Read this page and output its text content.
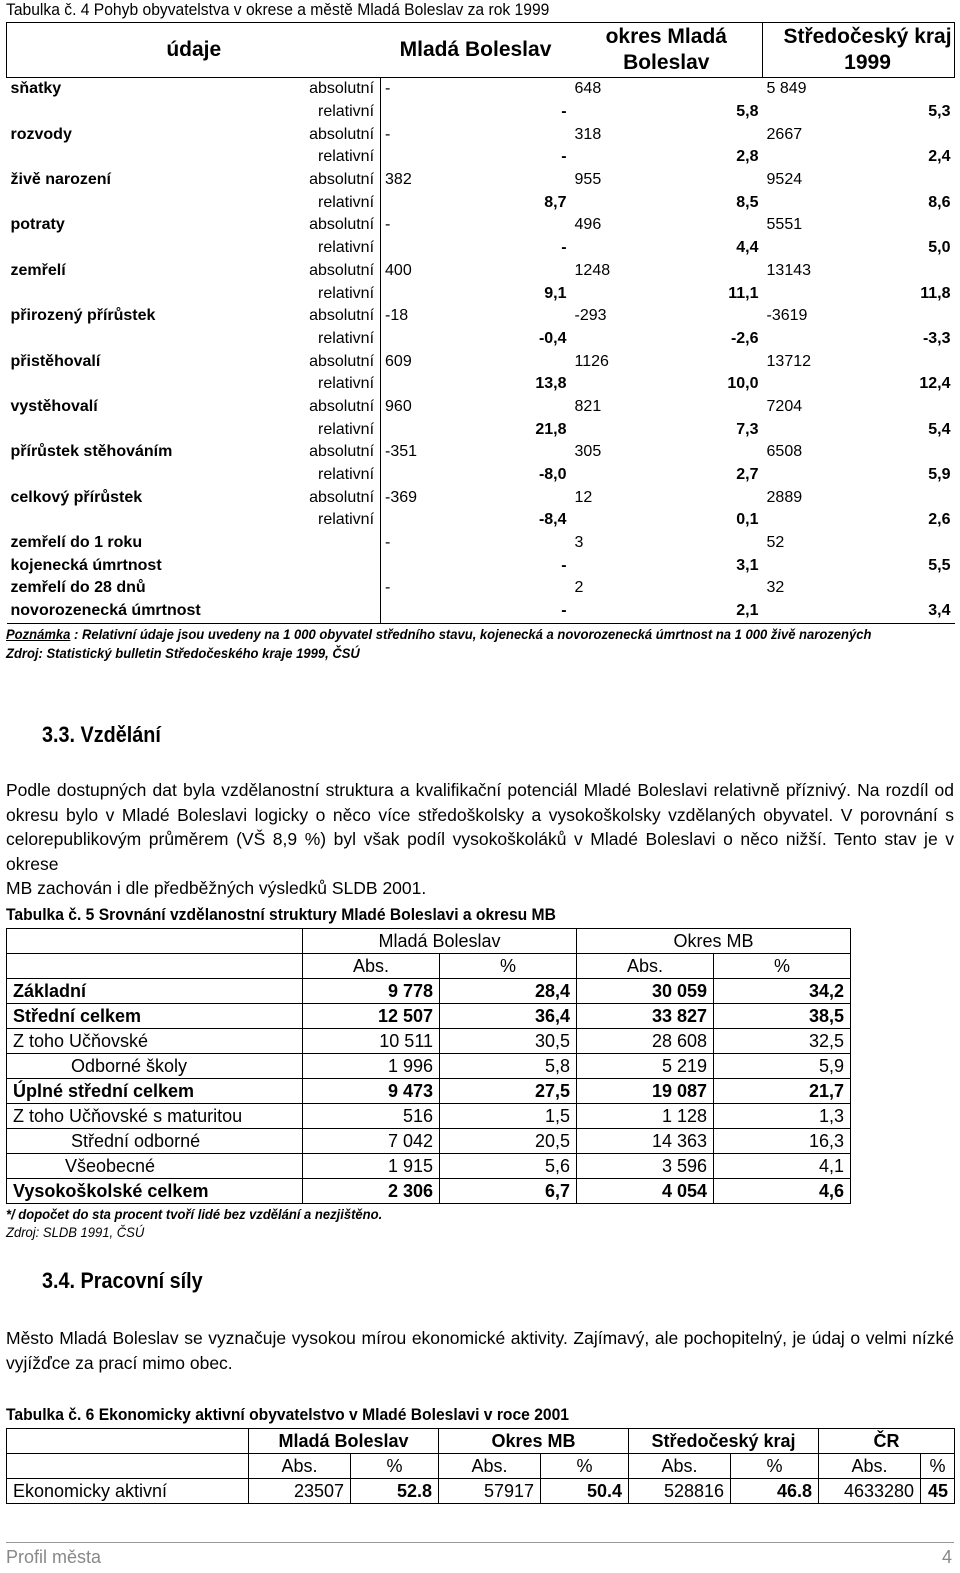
Tabulka č. 4 Pohyb obyvatelstva v okrese a městě Mladá Boleslav za rok 1999
údaje		Mladá Boleslav	okres Mladá Boleslav	Středočeský kraj 1999
sňatky	absolutní	-	648	5 849
	relativní	-	5,8	5,3
rozvody	absolutní	-	318	2667
	relativní	-	2,8	2,4
živě narození	absolutní	382	955	9524
	relativní	8,7	8,5	8,6
potraty	absolutní	-	496	5551
	relativní	-	4,4	5,0
zemřelí	absolutní	400	1248	13143
	relativní	9,1	11,1	11,8
přirozený přírůstek	absolutní	-18	-293	-3619
	relativní	-0,4	-2,6	-3,3
přistěhovalí	absolutní	609	1126	13712
	relativní	13,8	10,0	12,4
vystěhovalí	absolutní	960	821	7204
	relativní	21,8	7,3	5,4
přírůstek stěhováním	absolutní	-351	305	6508
	relativní	-8,0	2,7	5,9
celkový přírůstek	absolutní	-369	12	2889
	relativní	-8,4	0,1	2,6
zemřelí do 1 roku		-	3	52
kojenecká úmrtnost		-	3,1	5,5
zemřelí do 28 dnů		-	2	32
novorozenecká úmrtnost		-	2,1	3,4
Poznámka : Relativní údaje jsou uvedeny na 1 000 obyvatel středního stavu, kojenecká a novorozenecká úmrtnost na 1 000 živě narozených
Zdroj: Statistický bulletin Středočeského kraje 1999, ČSÚ
3.3. Vzdělání
Podle dostupných dat byla vzdělanostní struktura a kvalifikační potenciál Mladé Boleslavi relativně příznivý. Na rozdíl od
okresu bylo v Mladé Boleslavi logicky o něco více středoškolsky a vysokoškolsky vzdělaných obyvatel. V porovnání s
celorepublikovým průměrem (VŠ 8,9 %) byl však podíl vysokoškoláků v Mladé Boleslavi o něco nižší. Tento stav je v okrese
MB zachován i dle předběžných výsledků SLDB 2001.
Tabulka č. 5 Srovnání vzdělanostní struktury Mladé Boleslavi a okresu MB
	Mladá Boleslav		Okres MB	
	Abs.	%	Abs.	%
Základní	9 778	28,4	30 059	34,2
Střední celkem	12 507	36,4	33 827	38,5
Z toho Učňovské	10 511	30,5	28 608	32,5
Odborné školy	1 996	5,8	5 219	5,9
Úplné střední celkem	9 473	27,5	19 087	21,7
Z toho Učňovské s maturitou	516	1,5	1 128	1,3
Střední odborné	7 042	20,5	14 363	16,3
Všeobecné	1 915	5,6	3 596	4,1
Vysokoškolské celkem	2 306	6,7	4 054	4,6
*/ dopočet do sta procent tvoří lidé bez vzdělání a nezjištěno.
Zdroj: SLDB 1991, ČSÚ
3.4. Pracovní síly
Město Mladá Boleslav se vyznačuje vysokou mírou ekonomické aktivity. Zajímavý, ale pochopitelný, je údaj o velmi nízké
vyjížďce za prací mimo obec.
Tabulka č. 6 Ekonomicky aktivní obyvatelstvo v Mladé Boleslavi v roce 2001
	Mladá Boleslav		Okres MB		Středočeský kraj		ČR	
	Abs.	%	Abs.	%	Abs.	%	Abs.	%
Ekonomicky aktivní	23507	52.8	57917	50.4	528816	46.8	4633280	45
Profil města	4
